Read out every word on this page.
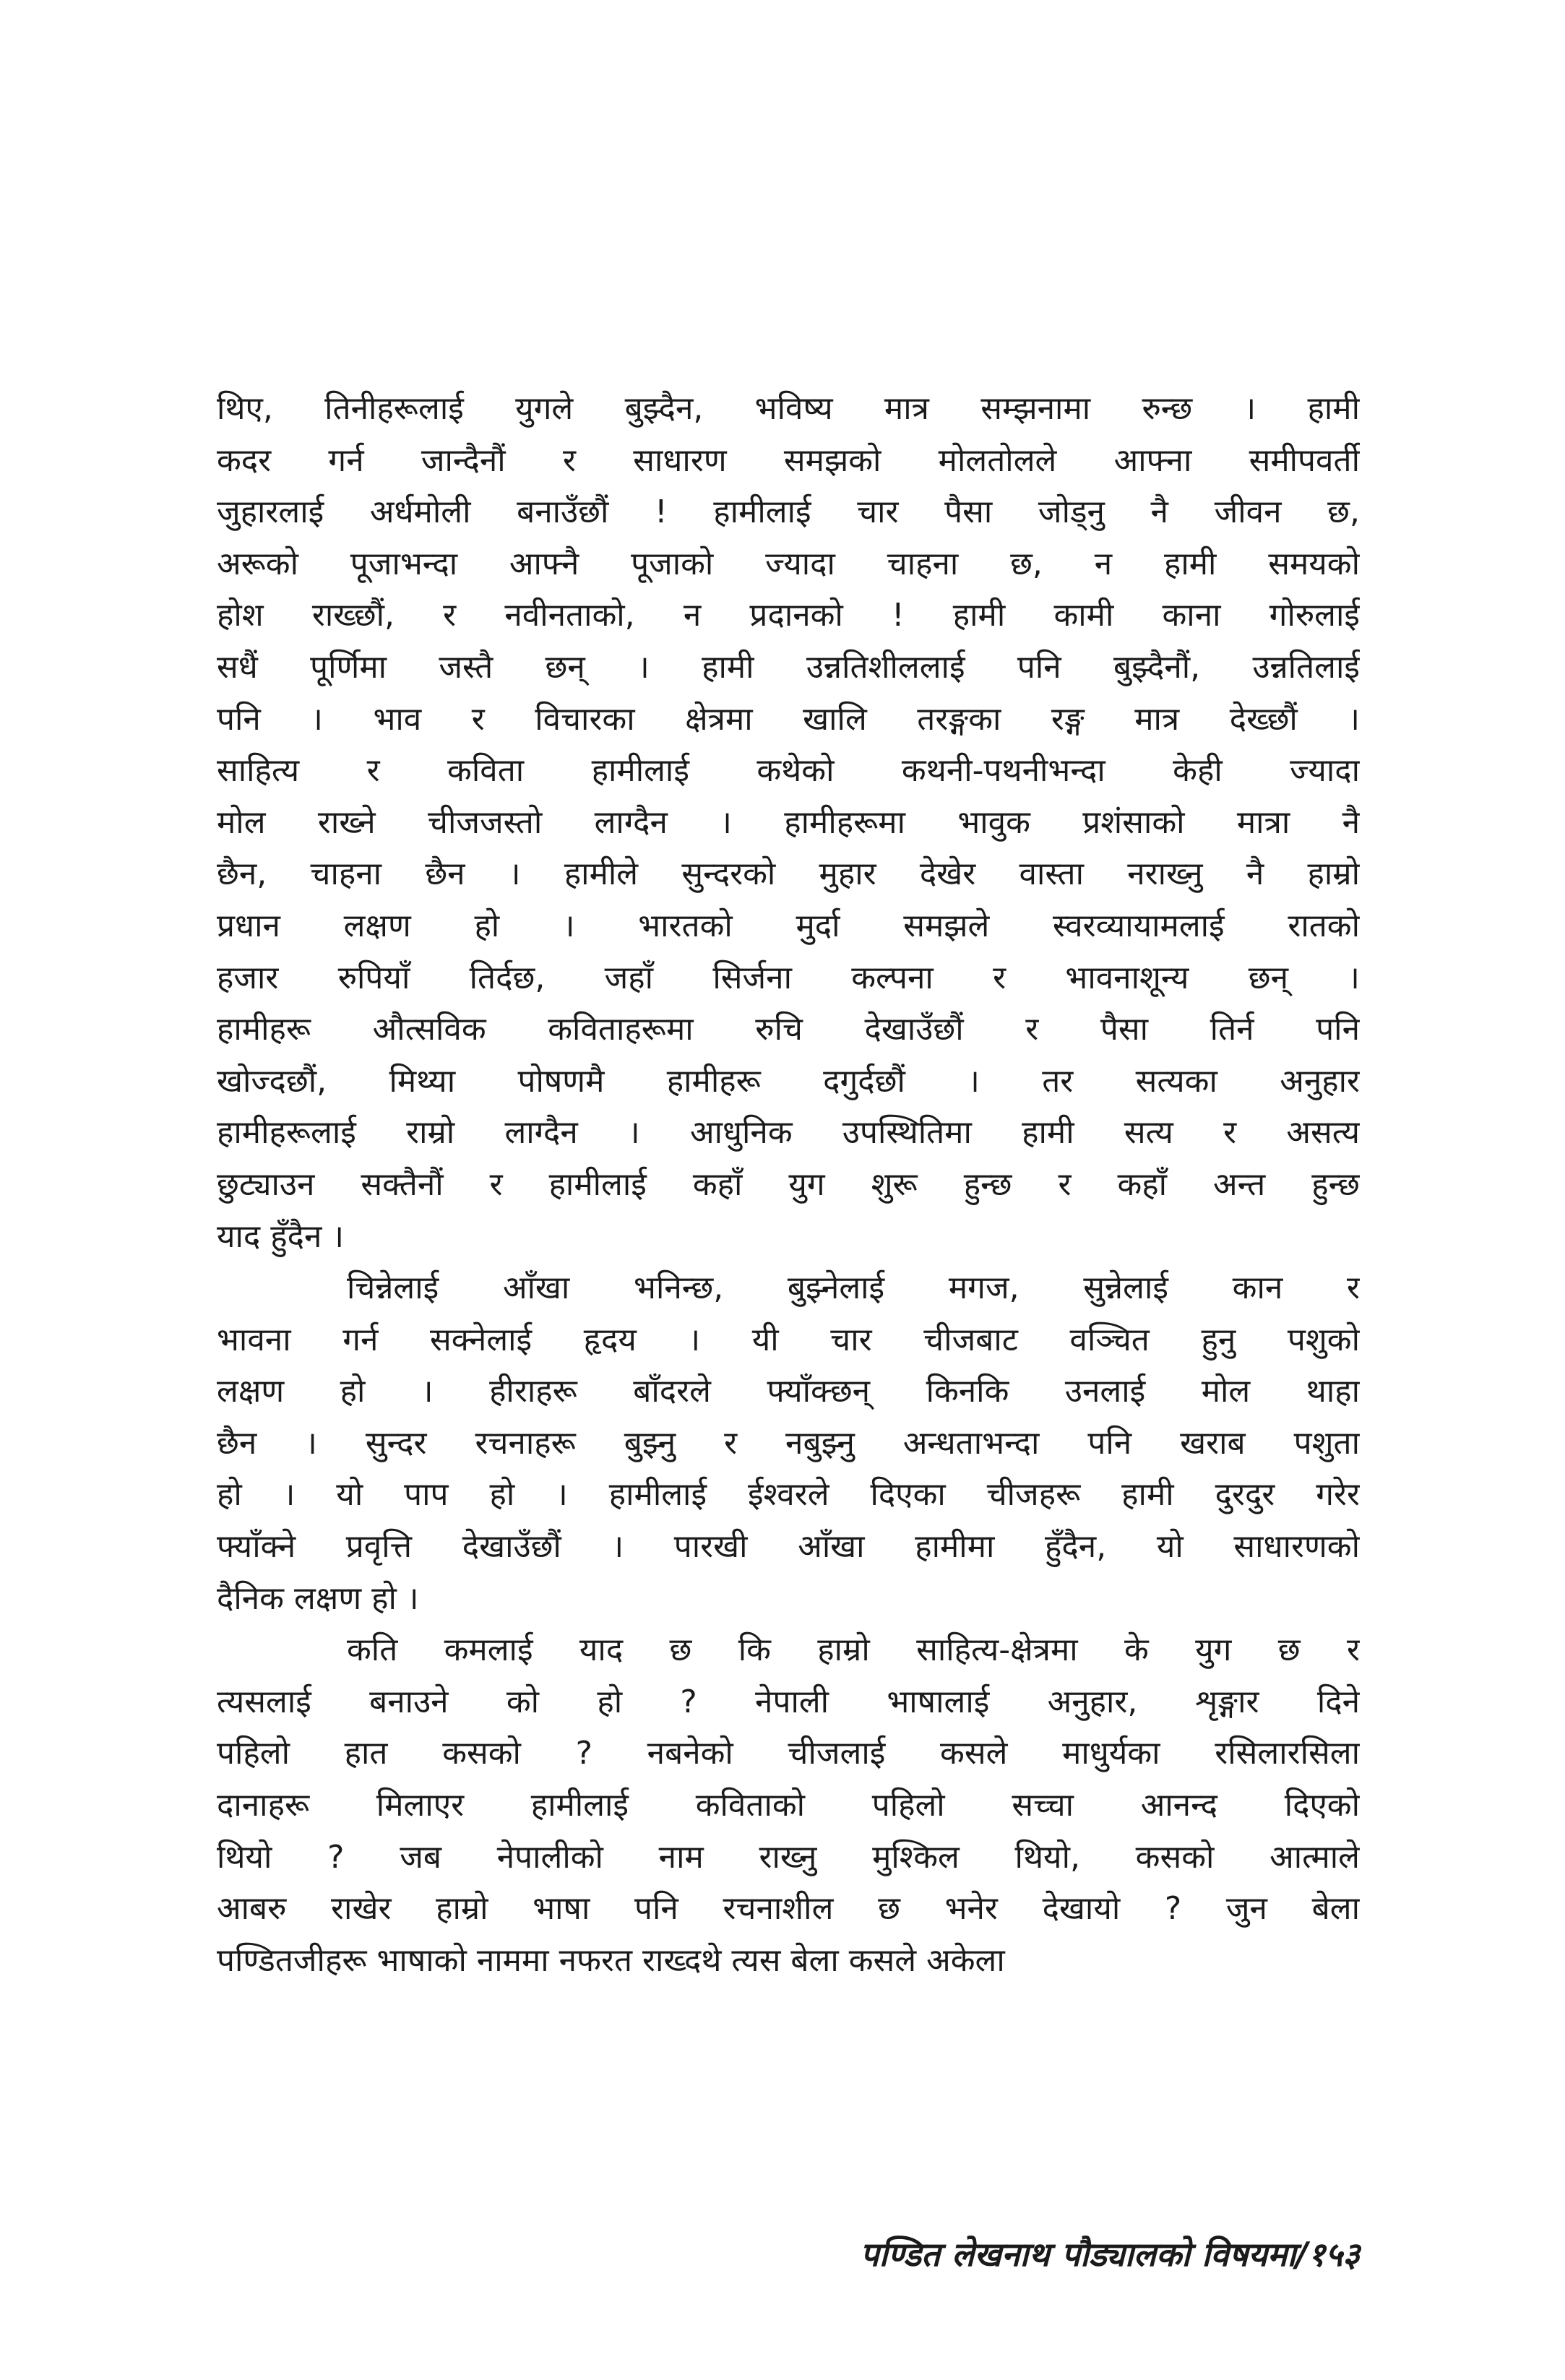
थिए, तिनीहरूलाई युगले बुझ्दैन, भविष्य मात्र सम्झनामा रुन्छ । हामी
कदर गर्न जान्दैनौं र साधारण समझको मोलतोलले आफ्ना समीपवर्ती
जुहारलाई अर्धमोली बनाउँछौं ! हामीलाई चार पैसा जोड्नु नै जीवन छ,
अरूको पूजाभन्दा आफ्नै पूजाको ज्यादा चाहना छ, न हामी समयको
होश राख्छौं, र नवीनताको, न प्रदानको ! हामी कामी काना गोरुलाई
सधैं पूर्णिमा जस्तै छन् । हामी उन्नतिशीललाई पनि बुझ्दैनौं, उन्नतिलाई
पनि । भाव र विचारका क्षेत्रमा खालि तरङ्गका रङ्ग मात्र देख्छौं ।
साहित्य र कविता हामीलाई कथेको कथनी-पथनीभन्दा केही ज्यादा
मोल राख्ने चीजजस्तो लाग्दैन । हामीहरूमा भावुक प्रशंसाको मात्रा नै
छैन, चाहना छैन । हामीले सुन्दरको मुहार देखेर वास्ता नराख्नु नै हाम्रो
प्रधान लक्षण हो । भारतको मुर्दा समझले स्वरव्यायामलाई रातको
हजार रुपियाँ तिर्दछ, जहाँ सिर्जना कल्पना र भावनाशून्य छन् ।
हामीहरू औत्सविक कविताहरूमा रुचि देखाउँछौं र पैसा तिर्न पनि
खोज्दछौं, मिथ्या पोषणमै हामीहरू दगुर्दछौं । तर सत्यका अनुहार
हामीहरूलाई राम्रो लाग्दैन । आधुनिक उपस्थितिमा हामी सत्य र असत्य
छुट्याउन सक्तैनौं र हामीलाई कहाँ युग शुरू हुन्छ र कहाँ अन्त हुन्छ
याद हुँदैन ।
चिन्नेलाई आँखा भनिन्छ, बुझ्नेलाई मगज, सुन्नेलाई कान र
भावना गर्न सक्नेलाई हृदय । यी चार चीजबाट वञ्चित हुनु पशुको
लक्षण हो । हीराहरू बाँदरले फ्याँक्छन् किनकि उनलाई मोल थाहा
छैन । सुन्दर रचनाहरू बुझ्नु र नबुझ्नु अन्धताभन्दा पनि खराब पशुता
हो । यो पाप हो । हामीलाई ईश्वरले दिएका चीजहरू हामी दुरदुर गरेर
फ्याँक्ने प्रवृत्ति देखाउँछौं । पारखी आँखा हामीमा हुँदैन, यो साधारणको
दैनिक लक्षण हो ।
कति कमलाई याद छ कि हाम्रो साहित्य-क्षेत्रमा के युग छ र
त्यसलाई बनाउने को हो ? नेपाली भाषालाई अनुहार, शृङ्गार दिने
पहिलो हात कसको ? नबनेको चीजलाई कसले माधुर्यका रसिलारसिला
दानाहरू मिलाएर हामीलाई कविताको पहिलो सच्चा आनन्द दिएको
थियो ? जब नेपालीको नाम राख्नु मुश्किल थियो, कसको आत्माले
आबरु राखेर हाम्रो भाषा पनि रचनाशील छ भनेर देखायो ? जुन बेला
पण्डितजीहरू भाषाको नाममा नफरत राख्दथे त्यस बेला कसले अकेला
पण्डित लेखनाथ पौड्यालको विषयमा/१५३
